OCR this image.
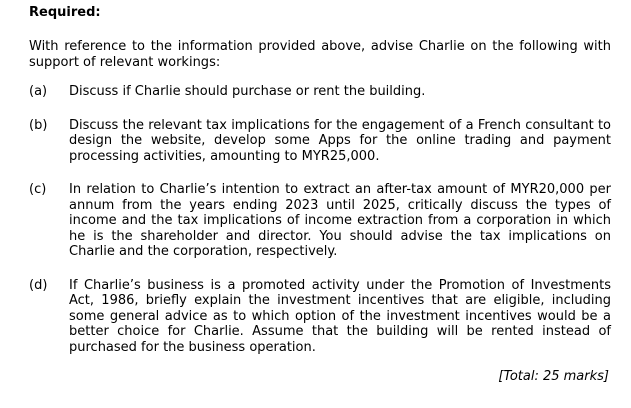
Required:

With reference to the information provided above, advise Charlie on the following with support of relevant workings:

(a)	Discuss if Charlie should purchase or rent the building.
(b)	Discuss the relevant tax implications for the engagement of a French consultant to design the website, develop some Apps for the online trading and payment processing activities, amounting to MYR25,000.
(c)	In relation to Charlie’s intention to extract an after-tax amount of MYR20,000 per annum from the years ending 2023 until 2025, critically discuss the types of income and the tax implications of income extraction from a corporation in which he is the shareholder and director. You should advise the tax implications on Charlie and the corporation, respectively.
(d)	If Charlie’s business is a promoted activity under the Promotion of Investments Act, 1986, briefly explain the investment incentives that are eligible, including some general advice as to which option of the investment incentives would be a better choice for Charlie. Assume that the building will be rented instead of purchased for the business operation.
[Total: 25 marks]
